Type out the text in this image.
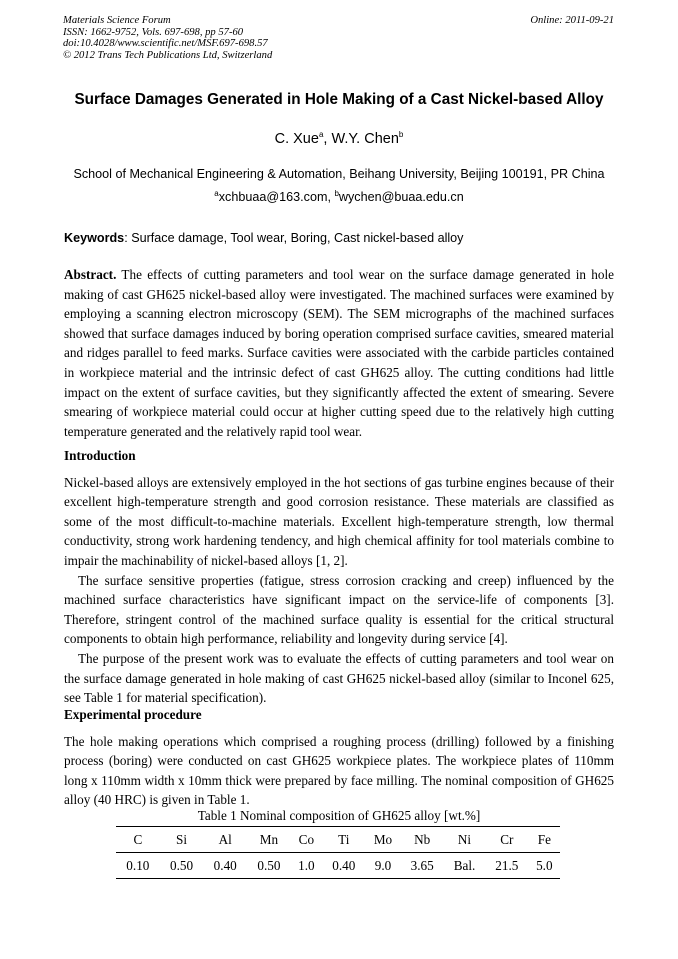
Materials Science Forum
ISSN: 1662-9752, Vols. 697-698, pp 57-60
doi:10.4028/www.scientific.net/MSF.697-698.57
© 2012 Trans Tech Publications Ltd, Switzerland
Online: 2011-09-21
Surface Damages Generated in Hole Making of a Cast Nickel-based Alloy
C. Xue$^a$, W.Y. Chen$^b$
School of Mechanical Engineering & Automation, Beihang University, Beijing 100191, PR China
$^a$xchbuaa@163.com, $^b$wychen@buaa.edu.cn
Keywords: Surface damage, Tool wear, Boring, Cast nickel-based alloy
Abstract. The effects of cutting parameters and tool wear on the surface damage generated in hole making of cast GH625 nickel-based alloy were investigated. The machined surfaces were examined by employing a scanning electron microscopy (SEM). The SEM micrographs of the machined surfaces showed that surface damages induced by boring operation comprised surface cavities, smeared material and ridges parallel to feed marks. Surface cavities were associated with the carbide particles contained in workpiece material and the intrinsic defect of cast GH625 alloy. The cutting conditions had little impact on the extent of surface cavities, but they significantly affected the extent of smearing. Severe smearing of workpiece material could occur at higher cutting speed due to the relatively high cutting temperature generated and the relatively rapid tool wear.
Introduction

Nickel-based alloys are extensively employed in the hot sections of gas turbine engines because of their excellent high-temperature strength and good corrosion resistance. These materials are classified as some of the most difficult-to-machine materials. Excellent high-temperature strength, low thermal conductivity, strong work hardening tendency, and high chemical affinity for tool materials combine to impair the machinability of nickel-based alloys [1, 2].

The surface sensitive properties (fatigue, stress corrosion cracking and creep) influenced by the machined surface characteristics have significant impact on the service-life of components [3]. Therefore, stringent control of the machined surface quality is essential for the critical structural components to obtain high performance, reliability and longevity during service [4].

The purpose of the present work was to evaluate the effects of cutting parameters and tool wear on the surface damage generated in hole making of cast GH625 nickel-based alloy (similar to Inconel 625, see Table 1 for material specification).

Experimental procedure

The hole making operations which comprised a roughing process (drilling) followed by a finishing process (boring) were conducted on cast GH625 workpiece plates. The workpiece plates of 110mm long x 110mm width x 10mm thick were prepared by face milling. The nominal composition of GH625 alloy (40 HRC) is given in Table 1.

Table 1 Nominal composition of GH625 alloy [wt.%]
C	Si	Al	Mn	Co	Ti	Mo	Nb	Ni	Cr	Fe
0.10	0.50	0.40	0.50	1.0	0.40	9.0	3.65	Bal.	21.5	5.0
